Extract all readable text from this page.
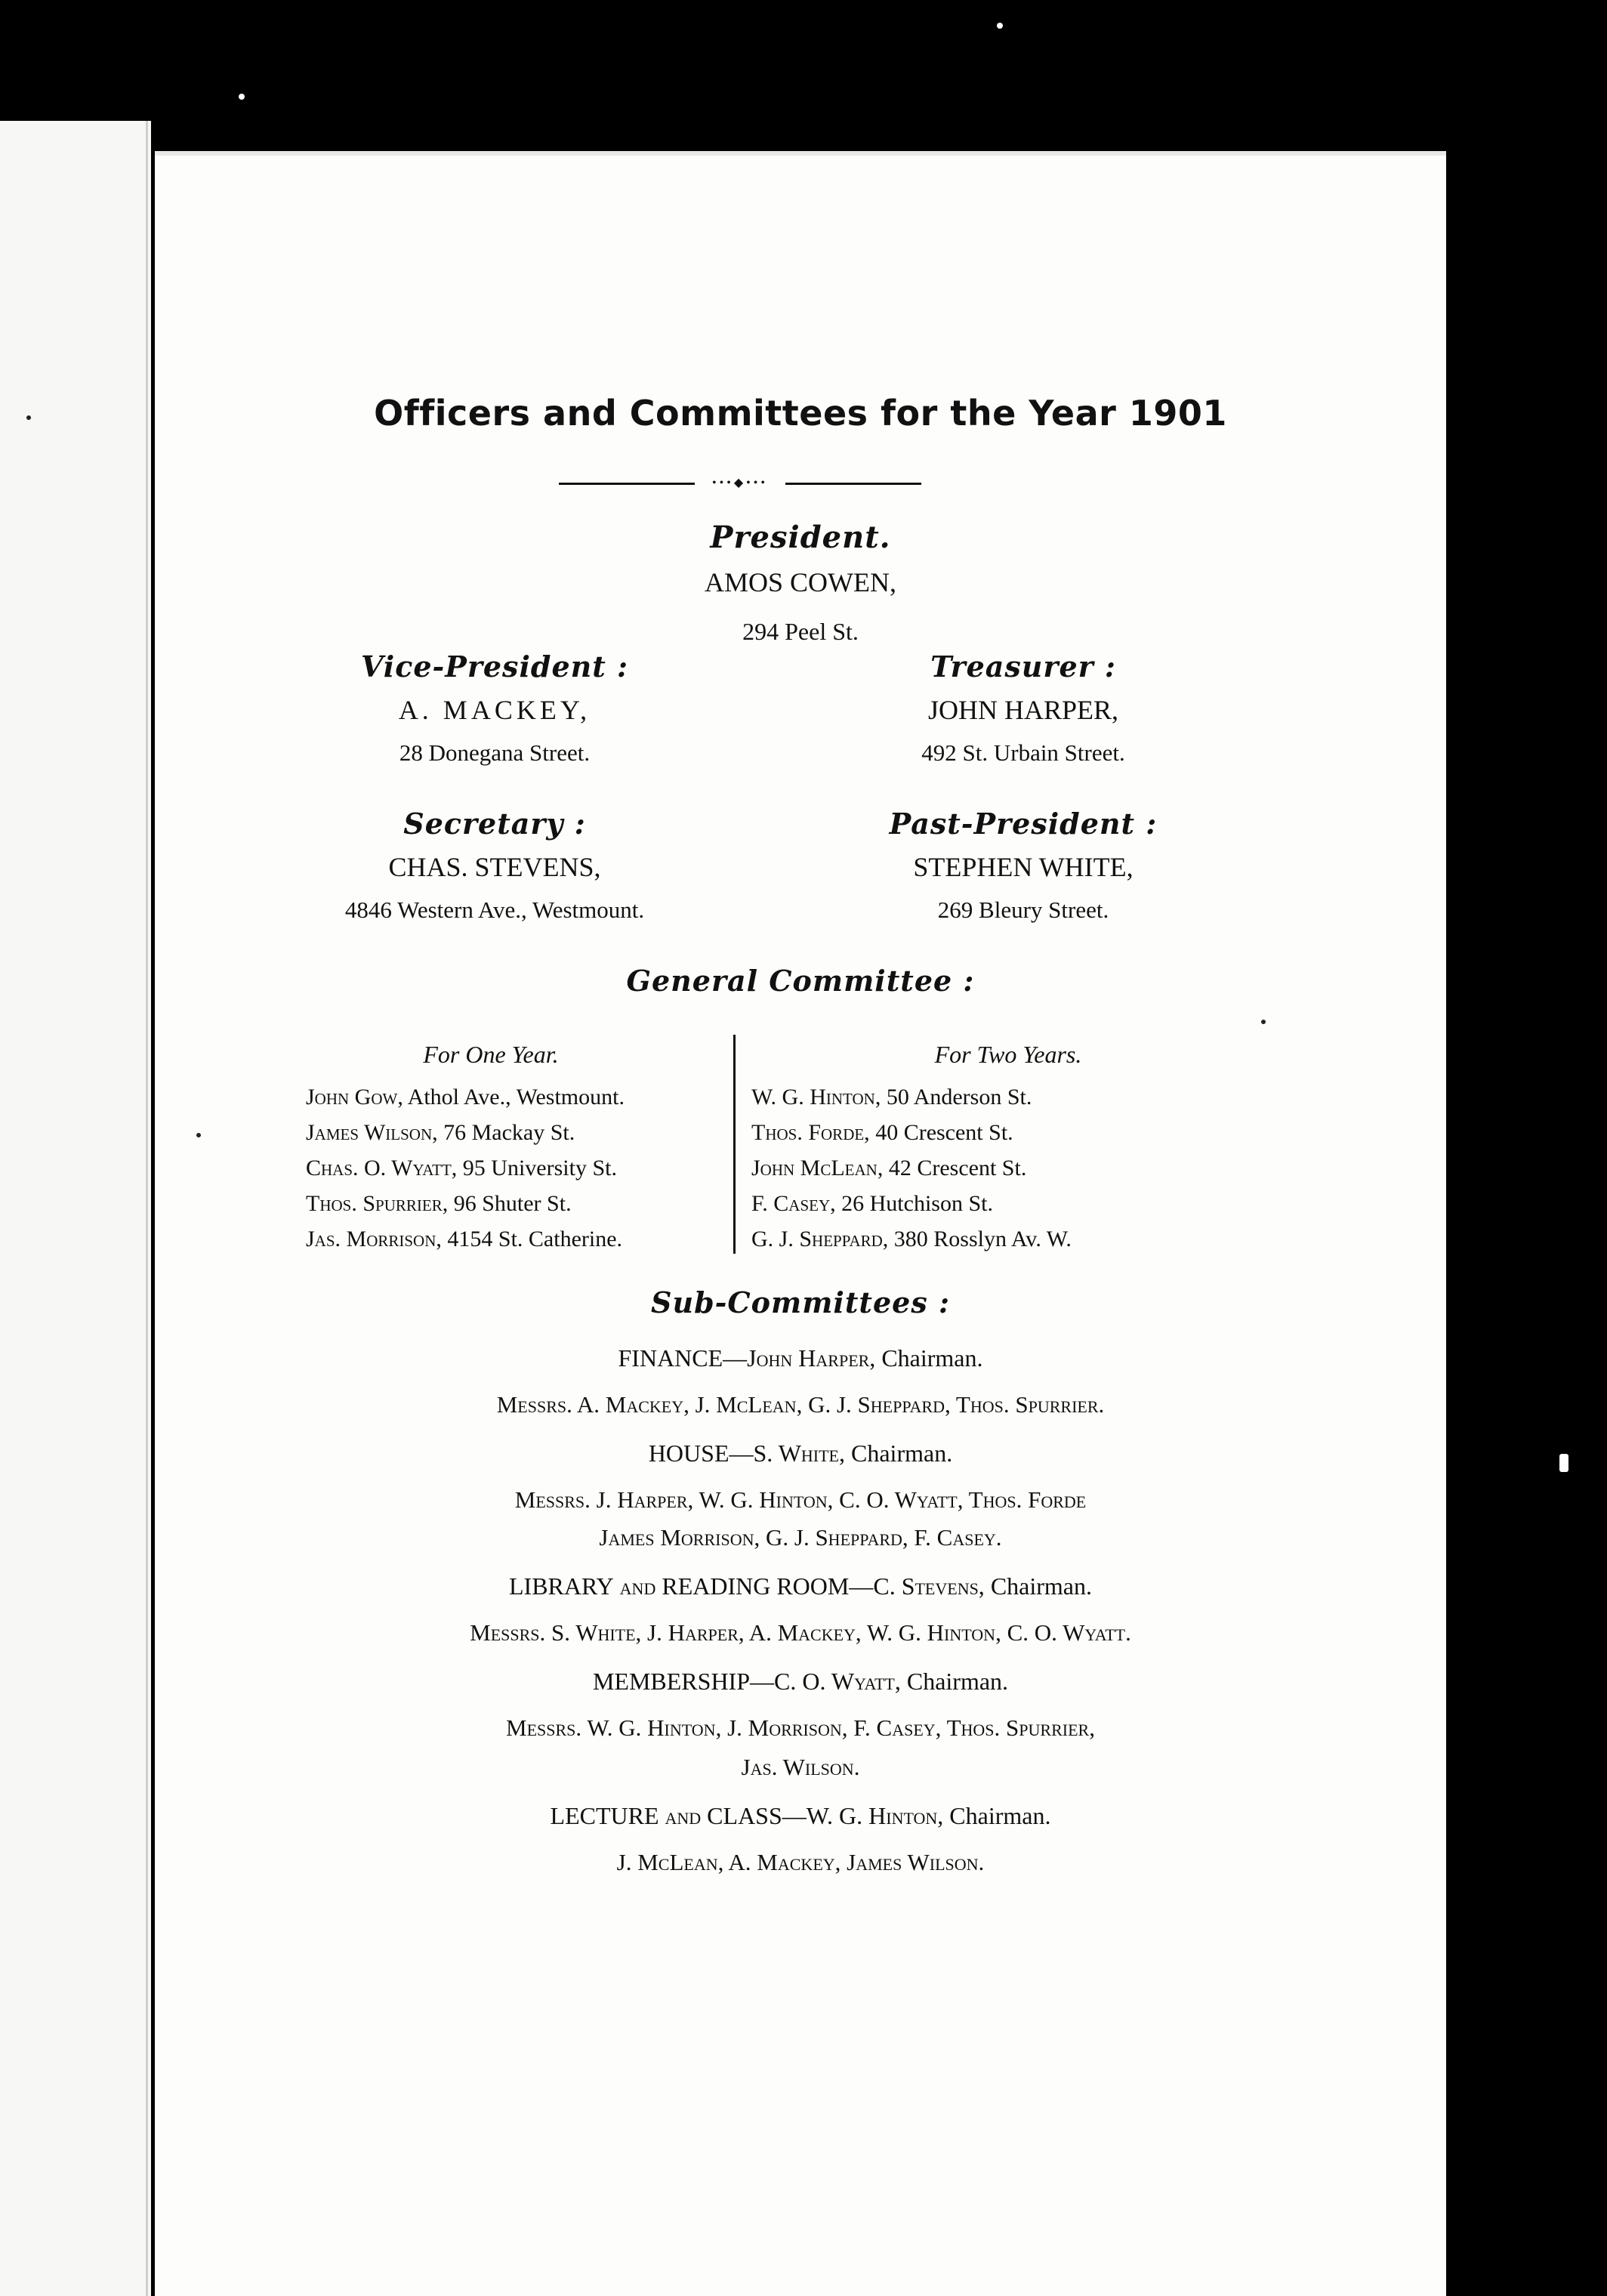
Officers and Committees for the Year 1901
•••◆•••
President.
AMOS COWEN,
294 Peel St.
Vice-President :
A. MACKEY,
28 Donegana Street.
Treasurer :
JOHN HARPER,
492 St. Urbain Street.
Secretary :
CHAS. STEVENS,
4846 Western Ave., Westmount.
Past-President :
STEPHEN WHITE,
269 Bleury Street.
General Committee :
For One Year.
John Gow, Athol Ave., Westmount.
James Wilson, 76 Mackay St.
Chas. O. Wyatt, 95 University St.
Thos. Spurrier, 96 Shuter St.
Jas. Morrison, 4154 St. Catherine.
For Two Years.
W. G. Hinton, 50 Anderson St.
Thos. Forde, 40 Crescent St.
John McLean, 42 Crescent St.
F. Casey, 26 Hutchison St.
G. J. Sheppard, 380 Rosslyn Av. W.
Sub-Committees :
FINANCE—John Harper, Chairman.
Messrs. A. Mackey, J. McLean, G. J. Sheppard, Thos. Spurrier.
HOUSE—S. White, Chairman.
Messrs. J. Harper, W. G. Hinton, C. O. Wyatt, Thos. Forde
James Morrison, G. J. Sheppard, F. Casey.
LIBRARY and READING ROOM—C. Stevens, Chairman.
Messrs. S. White, J. Harper, A. Mackey, W. G. Hinton, C. O. Wyatt.
MEMBERSHIP—C. O. Wyatt, Chairman.
Messrs. W. G. Hinton, J. Morrison, F. Casey, Thos. Spurrier,
Jas. Wilson.
LECTURE and CLASS—W. G. Hinton, Chairman.
J. McLean, A. Mackey, James Wilson.
